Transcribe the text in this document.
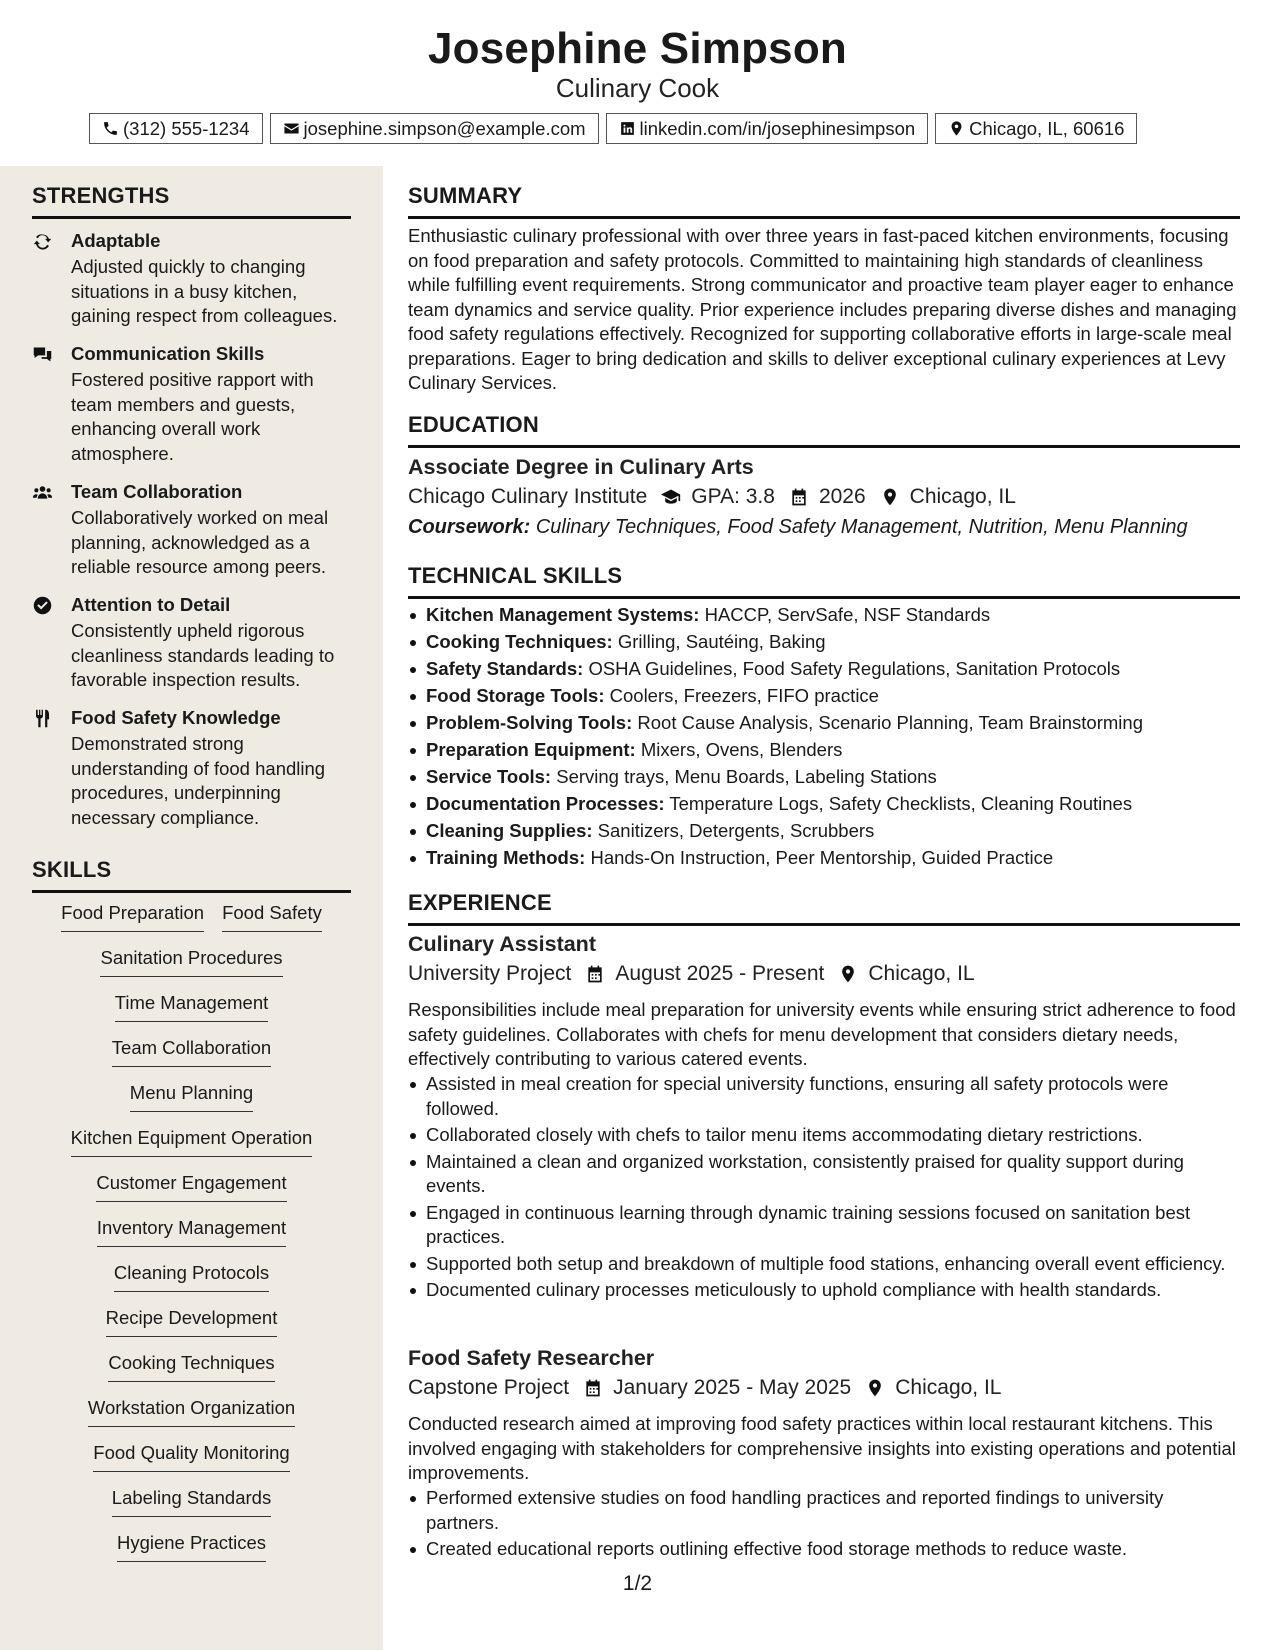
Josephine Simpson
Culinary Cook
(312) 555-1234	josephine.simpson@example.com	linkedin.com/in/josephinesimpson	Chicago, IL, 60616
STRENGTHS
Adaptable
Adjusted quickly to changing situations in a busy kitchen, gaining respect from colleagues.
Communication Skills
Fostered positive rapport with team members and guests, enhancing overall work atmosphere.
Team Collaboration
Collaboratively worked on meal planning, acknowledged as a reliable resource among peers.
Attention to Detail
Consistently upheld rigorous cleanliness standards leading to favorable inspection results.
Food Safety Knowledge
Demonstrated strong understanding of food handling procedures, underpinning necessary compliance.
SKILLS
Food Preparation Food Safety
Sanitation Procedures
Time Management
Team Collaboration
Menu Planning
Kitchen Equipment Operation
Customer Engagement
Inventory Management
Cleaning Protocols
Recipe Development
Cooking Techniques
Workstation Organization
Food Quality Monitoring
Labeling Standards
Hygiene Practices
SUMMARY
Enthusiastic culinary professional with over three years in fast-paced kitchen environments, focusing on food preparation and safety protocols. Committed to maintaining high standards of cleanliness while fulfilling event requirements. Strong communicator and proactive team player eager to enhance team dynamics and service quality. Prior experience includes preparing diverse dishes and managing food safety regulations effectively. Recognized for supporting collaborative efforts in large-scale meal preparations. Eager to bring dedication and skills to deliver exceptional culinary experiences at Levy Culinary Services.
EDUCATION
Associate Degree in Culinary Arts
Chicago Culinary Institute GPA: 3.8 2026 Chicago, IL
Coursework: Culinary Techniques, Food Safety Management, Nutrition, Menu Planning
TECHNICAL SKILLS
Kitchen Management Systems: HACCP, ServSafe, NSF Standards
Cooking Techniques: Grilling, Sautéing, Baking
Safety Standards: OSHA Guidelines, Food Safety Regulations, Sanitation Protocols
Food Storage Tools: Coolers, Freezers, FIFO practice
Problem-Solving Tools: Root Cause Analysis, Scenario Planning, Team Brainstorming
Preparation Equipment: Mixers, Ovens, Blenders
Service Tools: Serving trays, Menu Boards, Labeling Stations
Documentation Processes: Temperature Logs, Safety Checklists, Cleaning Routines
Cleaning Supplies: Sanitizers, Detergents, Scrubbers
Training Methods: Hands-On Instruction, Peer Mentorship, Guided Practice
EXPERIENCE
Culinary Assistant
University Project August 2025 - Present Chicago, IL
Responsibilities include meal preparation for university events while ensuring strict adherence to food safety guidelines. Collaborates with chefs for menu development that considers dietary needs, effectively contributing to various catered events.
Assisted in meal creation for special university functions, ensuring all safety protocols were followed.
Collaborated closely with chefs to tailor menu items accommodating dietary restrictions.
Maintained a clean and organized workstation, consistently praised for quality support during events.
Engaged in continuous learning through dynamic training sessions focused on sanitation best practices.
Supported both setup and breakdown of multiple food stations, enhancing overall event efficiency.
Documented culinary processes meticulously to uphold compliance with health standards.
Food Safety Researcher
Capstone Project January 2025 - May 2025 Chicago, IL
Conducted research aimed at improving food safety practices within local restaurant kitchens. This involved engaging with stakeholders for comprehensive insights into existing operations and potential improvements.
Performed extensive studies on food handling practices and reported findings to university partners.
Created educational reports outlining effective food storage methods to reduce waste.
1/2
